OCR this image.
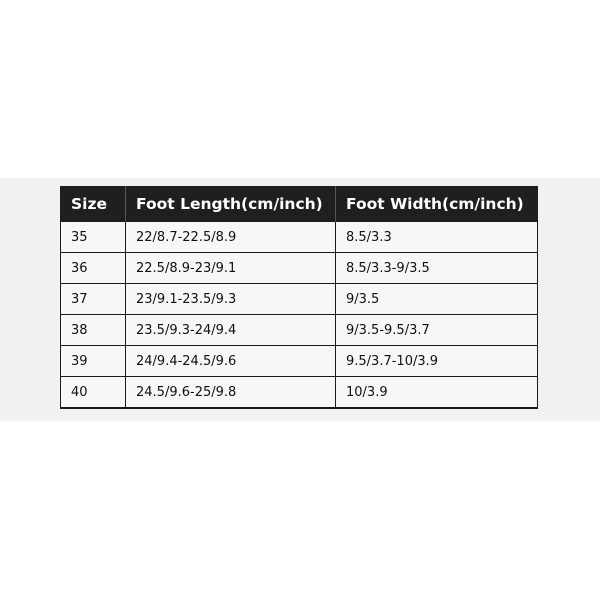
Size	Foot Length(cm/inch)	Foot Width(cm/inch)
35	22/8.7-22.5/8.9	8.5/3.3
36	22.5/8.9-23/9.1	8.5/3.3-9/3.5
37	23/9.1-23.5/9.3	9/3.5
38	23.5/9.3-24/9.4	9/3.5-9.5/3.7
39	24/9.4-24.5/9.6	9.5/3.7-10/3.9
40	24.5/9.6-25/9.8	10/3.9
